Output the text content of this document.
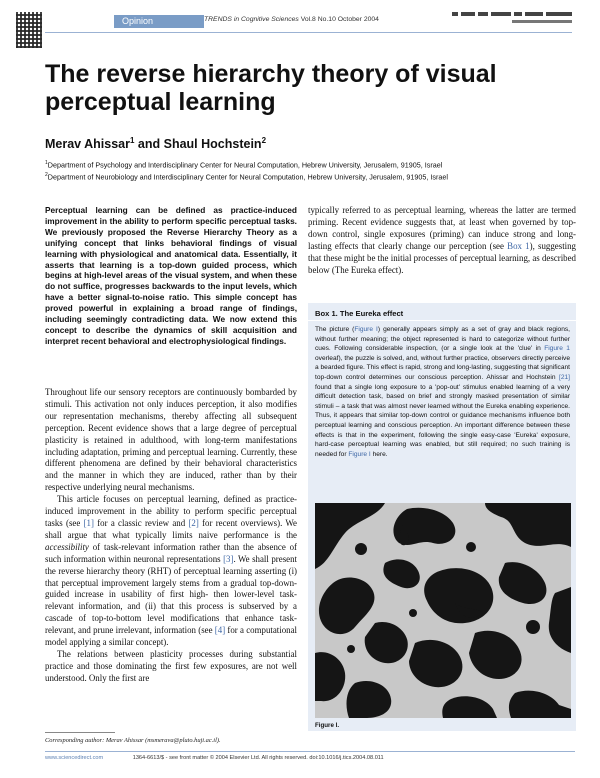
Opinion	TRENDS in Cognitive Sciences Vol.8 No.10 October 2004
The reverse hierarchy theory of visual perceptual learning
Merav Ahissar$^1$ and Shaul Hochstein$^2$
$^1$Department of Psychology and Interdisciplinary Center for Neural Computation, Hebrew University, Jerusalem, 91905, Israel
$^2$Department of Neurobiology and Interdisciplinary Center for Neural Computation, Hebrew University, Jerusalem, 91905, Israel
Perceptual learning can be defined as practice-induced improvement in the ability to perform specific perceptual tasks. We previously proposed the Reverse Hierarchy Theory as a unifying concept that links behavioral findings of visual learning with physiological and anatomical data. Essentially, it asserts that learning is a top-down guided process, which begins at high-level areas of the visual system, and when these do not suffice, progresses backwards to the input levels, which have a better signal-to-noise ratio. This simple concept has proved powerful in explaining a broad range of findings, including seemingly contradicting data. We now extend this concept to describe the dynamics of skill acquisition and interpret recent behavioral and electrophysiological findings.

Throughout life our sensory receptors are continuously bombarded by stimuli. This activation not only induces perception, it also modifies our representation mechanisms, thereby affecting all subsequent perception. Recent evidence shows that a large degree of perceptual plasticity is retained in adulthood, with long-term manifestations including adaptation, priming and perceptual learning. Currently, these different phenomena are defined by their behavioral characteristics and the manner in which they are induced, rather than by their respective underlying neural mechanisms.

This article focuses on perceptual learning, defined as practice-induced improvement in the ability to perform specific perceptual tasks (see [1] for a classic review and [2] for recent overviews). We shall argue that what typically limits naive performance is the accessibility of task-relevant information rather than the absence of such information within neuronal representations [3]. We shall present the reverse hierarchy theory (RHT) of perceptual learning asserting (i) that perceptual improvement largely stems from a gradual top-down-guided increase in usability of first high- then lower-level task-relevant information, and (ii) that this process is subserved by a cascade of top-to-bottom level modifications that enhance task-relevant, and prune irrelevant, information (see [4] for a computational model applying a similar concept).

The relations between plasticity processes during substantial practice and those dominating the first few exposures, are not well understood. Only the first are

typically referred to as perceptual learning, whereas the latter are termed priming. Recent evidence suggests that, at least when governed by top-down control, single exposures (priming) can induce strong and long-lasting effects that clearly change our perception (see Box 1), suggesting that these might be the initial processes of perceptual learning, as described below (The Eureka effect).

Box 1. The Eureka effect
The picture (Figure I) generally appears simply as a set of gray and black regions, without further meaning; the object represented is hard to categorize without further cues. Following considerable inspection, (or a single look at the 'clue' in Figure 1 overleaf), the puzzle is solved, and, without further practice, observers directly perceive a bearded figure. This effect is rapid, strong and long-lasting, suggesting that significant top-down control determines our conscious perception. Ahissar and Hochstein [21] found that a single long exposure to a 'pop-out' stimulus enabled learning of a very difficult detection task, based on brief and strongly masked presentation of similar stimuli – a task that was almost never learned without the Eureka enabling experience. Thus, it appears that similar top-down control or guidance mechanisms influence both perceptual learning and conscious perception. An important difference between these effects is that in the experiment, following the single easy-case 'Eureka' exposure, hard-case perceptual learning was enabled, but still required; no such training is needed for Figure I here.
Figure I.
Corresponding author: Merav Ahissar (msmerava@pluto.huji.ac.il).
www.sciencedirect.com	1364-6613/$ - see front matter © 2004 Elsevier Ltd. All rights reserved. doi:10.1016/j.tics.2004.08.011
